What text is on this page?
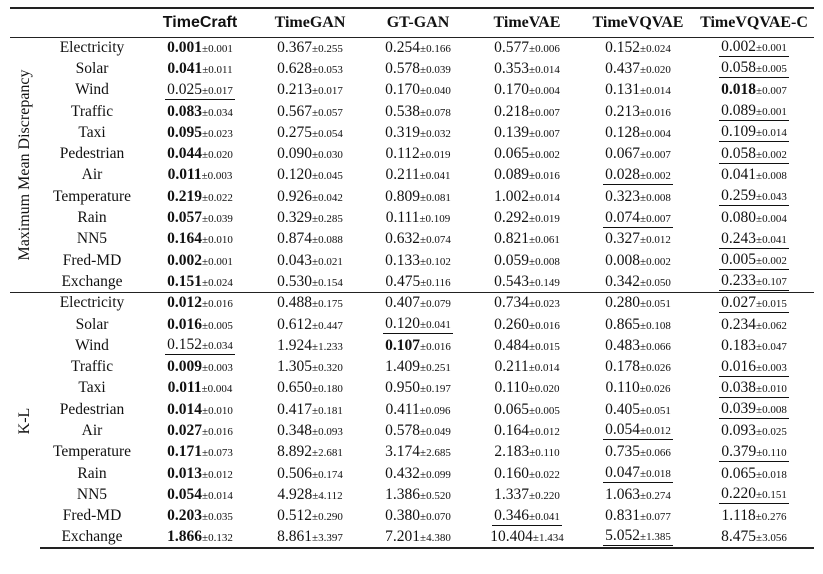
		TimeCraft	TimeGAN	GT-GAN	TimeVAE	TimeVQVAE	TimeVQVAE-C

Maximum Mean Discrepancy	Electricity	0.001±0.001	0.367±0.255	0.254±0.166	0.577±0.006	0.152±0.024	0.002±0.001
	Solar	0.041±0.011	0.628±0.053	0.578±0.039	0.353±0.014	0.437±0.020	0.058±0.005
	Wind	0.025±0.017	0.213±0.017	0.170±0.040	0.170±0.004	0.131±0.014	0.018±0.007
	Traffic	0.083±0.034	0.567±0.057	0.538±0.078	0.218±0.007	0.213±0.016	0.089±0.001
	Taxi	0.095±0.023	0.275±0.054	0.319±0.032	0.139±0.007	0.128±0.004	0.109±0.014
	Pedestrian	0.044±0.020	0.090±0.030	0.112±0.019	0.065±0.002	0.067±0.007	0.058±0.002
	Air	0.011±0.003	0.120±0.045	0.211±0.041	0.089±0.016	0.028±0.002	0.041±0.008
	Temperature	0.219±0.022	0.926±0.042	0.809±0.081	1.002±0.014	0.323±0.008	0.259±0.043
	Rain	0.057±0.039	0.329±0.285	0.111±0.109	0.292±0.019	0.074±0.007	0.080±0.004
	NN5	0.164±0.010	0.874±0.088	0.632±0.074	0.821±0.061	0.327±0.012	0.243±0.041
	Fred-MD	0.002±0.001	0.043±0.021	0.133±0.102	0.059±0.008	0.008±0.002	0.005±0.002
	Exchange	0.151±0.024	0.530±0.154	0.475±0.116	0.543±0.149	0.342±0.050	0.233±0.107

K-L	Electricity	0.012±0.016	0.488±0.175	0.407±0.079	0.734±0.023	0.280±0.051	0.027±0.015
	Solar	0.016±0.005	0.612±0.447	0.120±0.041	0.260±0.016	0.865±0.108	0.234±0.062
	Wind	0.152±0.034	1.924±1.233	0.107±0.016	0.484±0.015	0.483±0.066	0.183±0.047
	Traffic	0.009±0.003	1.305±0.320	1.409±0.251	0.211±0.014	0.178±0.026	0.016±0.003
	Taxi	0.011±0.004	0.650±0.180	0.950±0.197	0.110±0.020	0.110±0.026	0.038±0.010
	Pedestrian	0.014±0.010	0.417±0.181	0.411±0.096	0.065±0.005	0.405±0.051	0.039±0.008
	Air	0.027±0.016	0.348±0.093	0.578±0.049	0.164±0.012	0.054±0.012	0.093±0.025
	Temperature	0.171±0.073	8.892±2.681	3.174±2.685	2.183±0.110	0.735±0.066	0.379±0.110
	Rain	0.013±0.012	0.506±0.174	0.432±0.099	0.160±0.022	0.047±0.018	0.065±0.018
	NN5	0.054±0.014	4.928±4.112	1.386±0.520	1.337±0.220	1.063±0.274	0.220±0.151
	Fred-MD	0.203±0.035	0.512±0.290	0.380±0.070	0.346±0.041	0.831±0.077	1.118±0.276
	Exchange	1.866±0.132	8.861±3.397	7.201±4.380	10.404±1.434	5.052±1.385	8.475±3.056
